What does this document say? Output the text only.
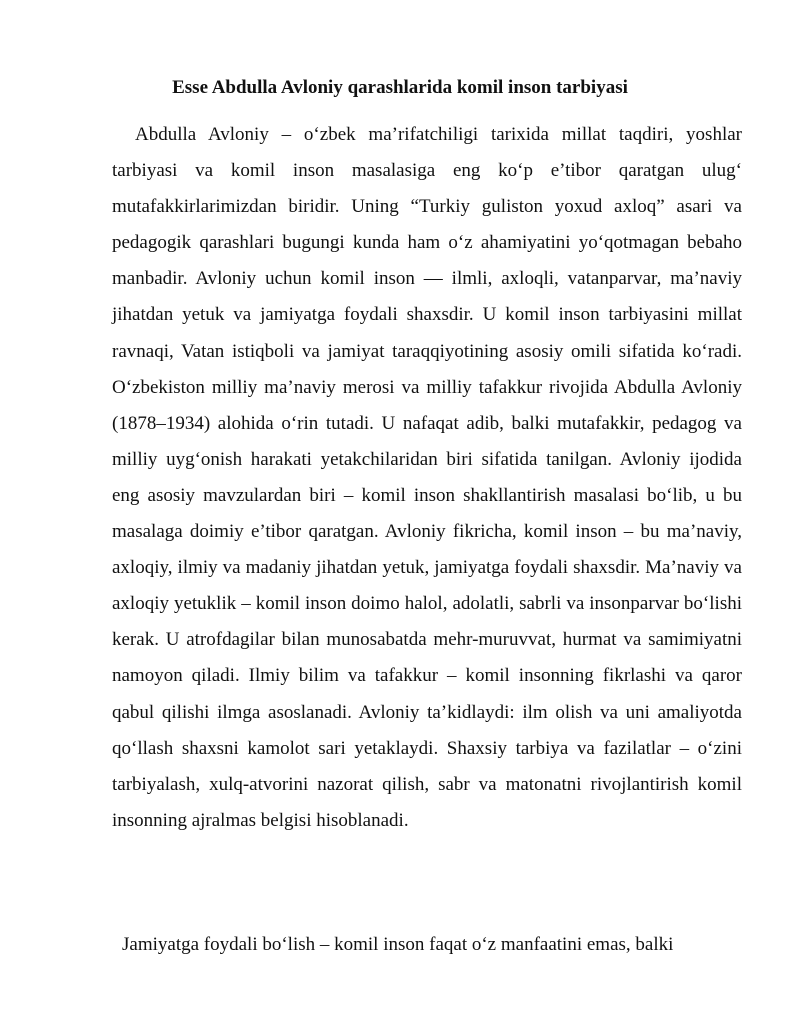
Esse Abdulla Avloniy qarashlarida komil inson tarbiyasi

Abdulla Avloniy – o‘zbek ma’rifatchiligi tarixida millat taqdiri, yoshlar tarbiyasi va komil inson masalasiga eng ko‘p e’tibor qaratgan ulug‘ mutafakkirlarimizdan biridir. Uning “Turkiy guliston yoxud axloq” asari va pedagogik qarashlari bugungi kunda ham o‘z ahamiyatini yo‘qotmagan bebaho manbadir. Avloniy uchun komil inson — ilmli, axloqli, vatanparvar, ma’naviy jihatdan yetuk va jamiyatga foydali shaxsdir. U komil inson tarbiyasini millat ravnaqi, Vatan istiqboli va jamiyat taraqqiyotining asosiy omili sifatida ko‘radi. O‘zbekiston milliy ma’naviy merosi va milliy tafakkur rivojida Abdulla Avloniy (1878–1934) alohida o‘rin tutadi. U nafaqat adib, balki mutafakkir, pedagog va milliy uyg‘onish harakati yetakchilaridan biri sifatida tanilgan. Avloniy ijodida eng asosiy mavzulardan biri – komil inson shakllantirish masalasi bo‘lib, u bu masalaga doimiy e’tibor qaratgan. Avloniy fikricha, komil inson – bu ma’naviy, axloqiy, ilmiy va madaniy jihatdan yetuk, jamiyatga foydali shaxsdir. Ma’naviy va axloqiy yetuklik – komil inson doimo halol, adolatli, sabrli va insonparvar bo‘lishi kerak. U atrofdagilar bilan munosabatda mehr-muruvvat, hurmat va samimiyatni namoyon qiladi. Ilmiy bilim va tafakkur – komil insonning fikrlashi va qaror qabul qilishi ilmga asoslanadi. Avloniy ta’kidlaydi: ilm olish va uni amaliyotda qo‘llash shaxsni kamolot sari yetaklaydi. Shaxsiy tarbiya va fazilatlar – o‘zini tarbiyalash, xulq-atvorini nazorat qilish, sabr va matonatni rivojlantirish komil insonning ajralmas belgisi hisoblanadi.

Jamiyatga foydali bo‘lish – komil inson faqat o‘z manfaatini emas, balki
